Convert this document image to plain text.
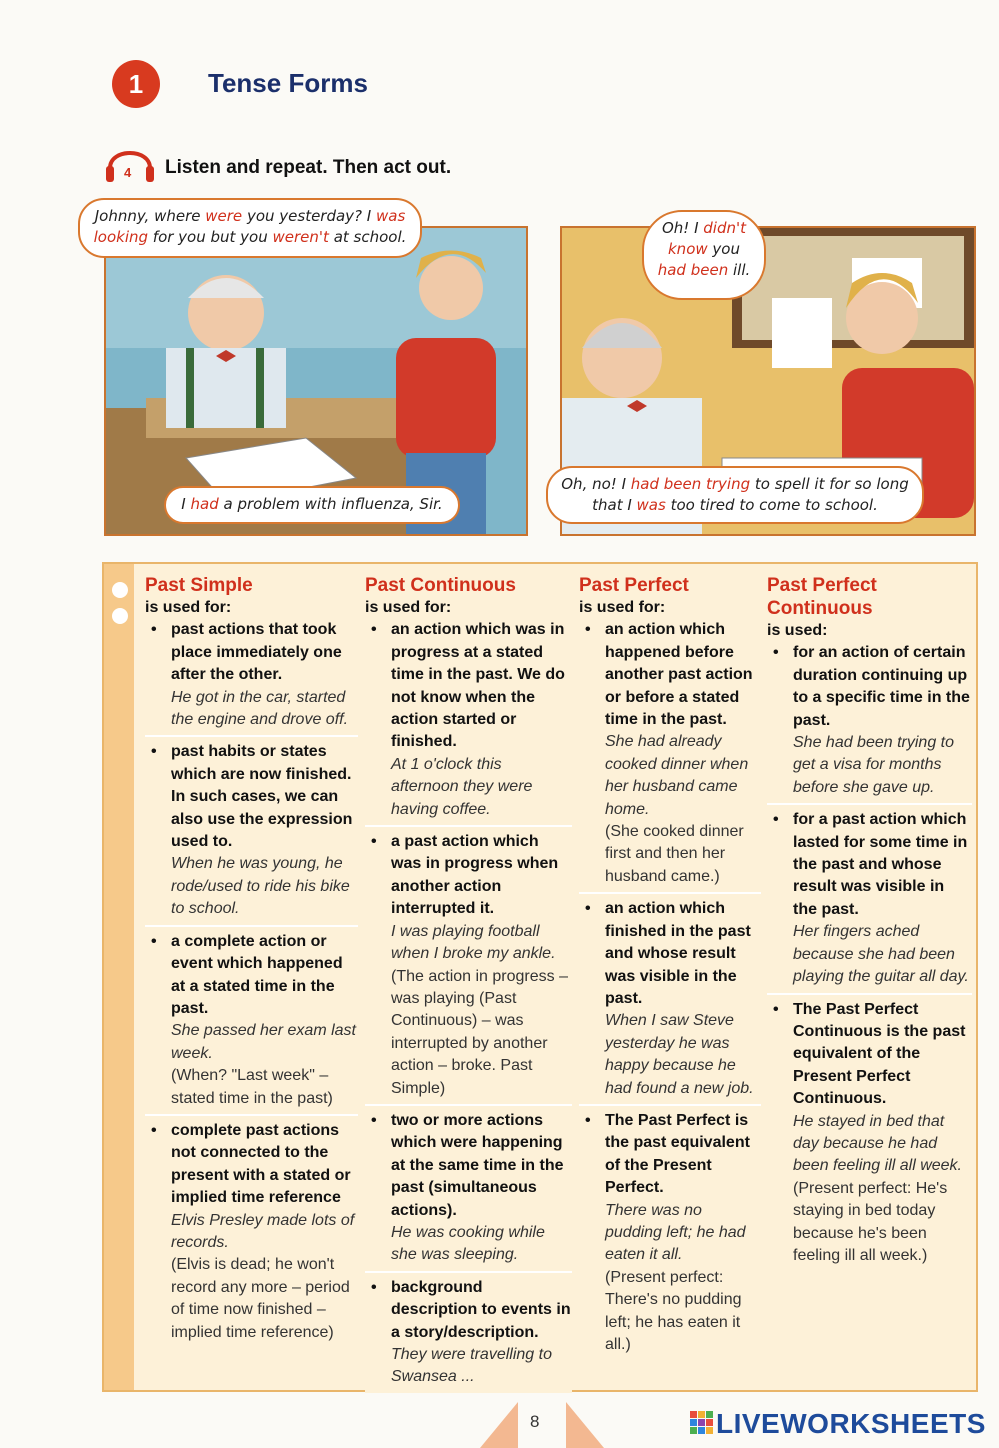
1	Tense Forms
4 Listen and repeat. Then act out.
Johnny, where were you yesterday? I was
looking for you but you weren't at school.
I had a problem with influenza, Sir.
Oh! I didn't know you had been ill.
Oh, no! I had been trying to spell it for so long that I was too tired to come to school.
Past Simple
is used for:
• past actions that took place immediately one after the other.
He got in the car, started the engine and drove off.
• past habits or states which are now finished. In such cases, we can also use the expression used to.
When he was young, he rode/used to ride his bike to school.
• a complete action or event which happened at a stated time in the past.
She passed her exam last week.
(When? "Last week" – stated time in the past)
• complete past actions not connected to the present with a stated or implied time reference
Elvis Presley made lots of records.
(Elvis is dead; he won't record any more – period of time now finished – implied time reference)
Past Continuous
is used for:
• an action which was in progress at a stated time in the past. We do not know when the action started or finished.
At 1 o'clock this afternoon they were having coffee.
• a past action which was in progress when another action interrupted it.
I was playing football when I broke my ankle.
(The action in progress – was playing (Past Continuous) – was interrupted by another action – broke. Past Simple)
• two or more actions which were happening at the same time in the past (simultaneous actions).
He was cooking while she was sleeping.
• background description to events in a story/description.
They were travelling to Swansea ...
Past Perfect
is used for:
• an action which happened before another past action or before a stated time in the past.
She had already cooked dinner when her husband came home.
(She cooked dinner first and then her husband came.)
• an action which finished in the past and whose result was visible in the past.
When I saw Steve yesterday he was happy because he had found a new job.
• The Past Perfect is the past equivalent of the Present Perfect.
There was no pudding left; he had eaten it all.
(Present perfect: There's no pudding left; he has eaten it all.)
Past Perfect Continuous
is used:
• for an action of certain duration continuing up to a specific time in the past.
She had been trying to get a visa for months before she gave up.
• for a past action which lasted for some time in the past and whose result was visible in the past.
Her fingers ached because she had been playing the guitar all day.
• The Past Perfect Continuous is the past equivalent of the Present Perfect Continuous.
He stayed in bed that day because he had been feeling ill all week.
(Present perfect: He's staying in bed today because he's been feeling ill all week.)
8	LIVEWORKSHEETS
